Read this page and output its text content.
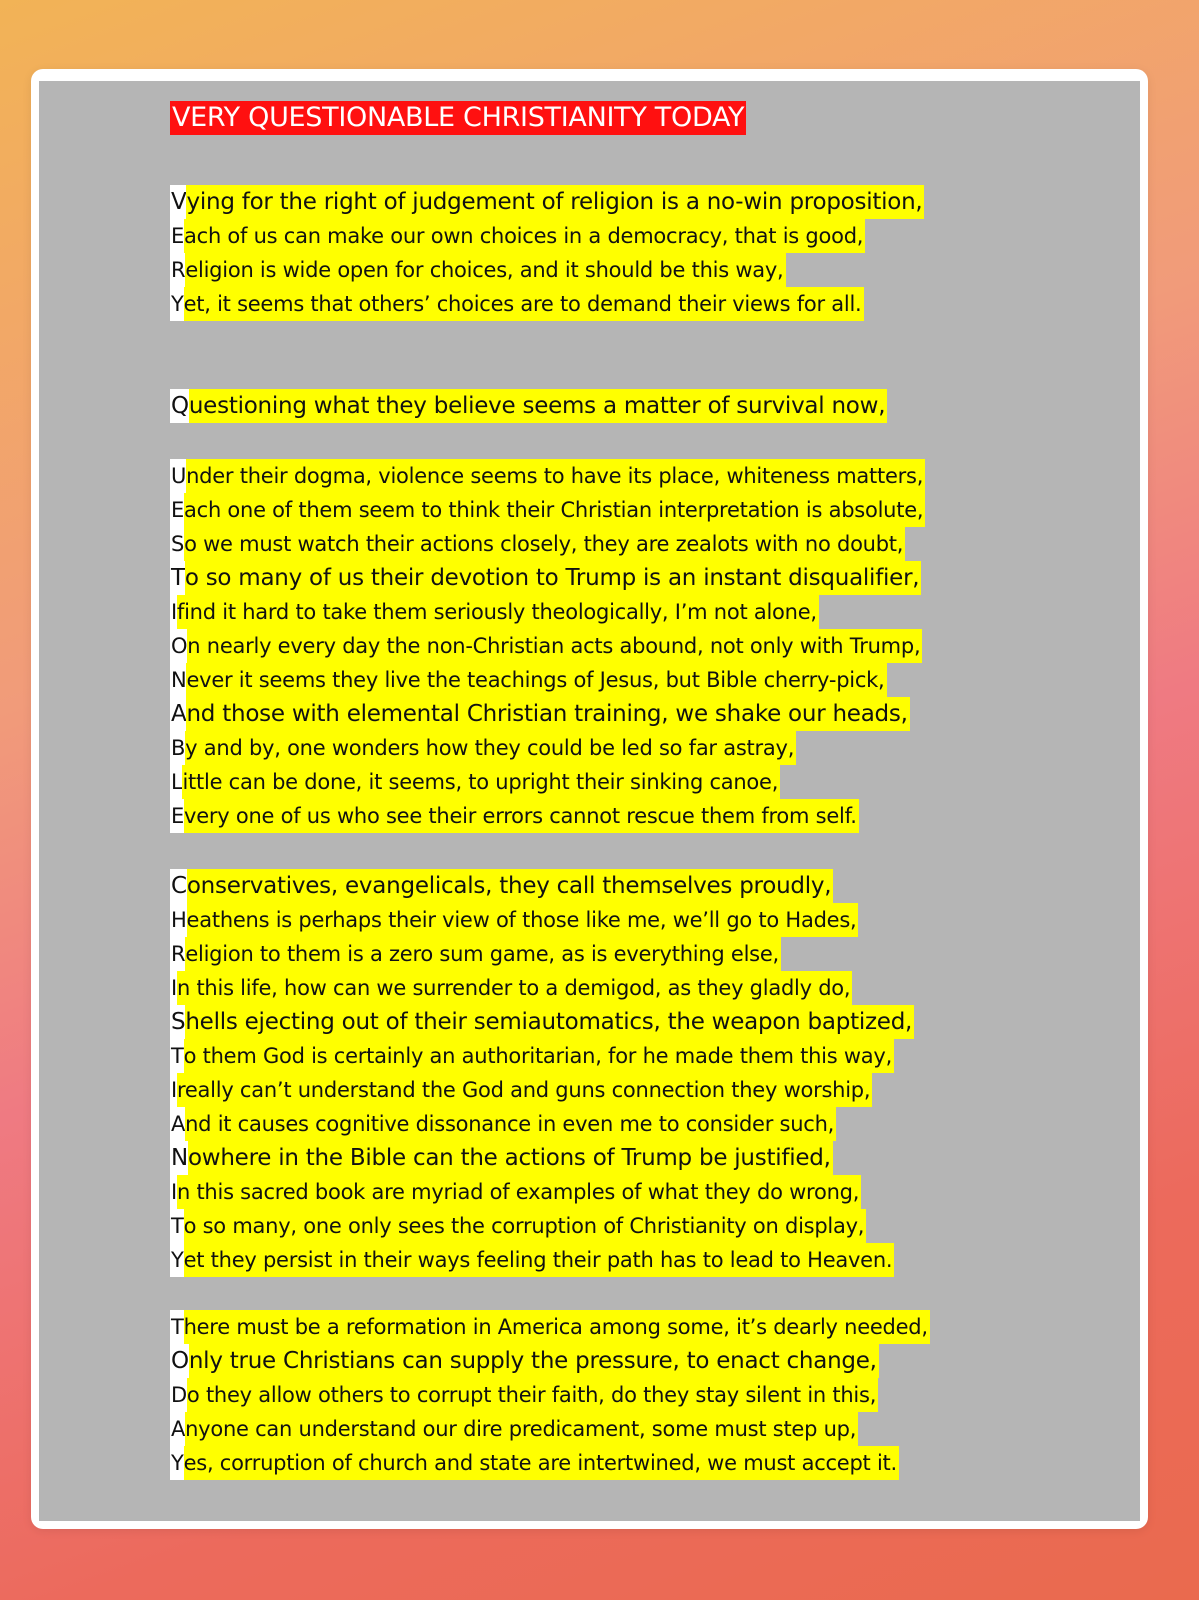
VERY QUESTIONABLE CHRISTIANITY TODAY
Vying for the right of judgement of religion is a no-win proposition,
Each of us can make our own choices in a democracy, that is good,
Religion is wide open for choices, and it should be this way,
Yet, it seems that others’ choices are to demand their views for all.
Questioning what they believe seems a matter of survival now,
Under their dogma, violence seems to have its place, whiteness matters,
Each one of them seem to think their Christian interpretation is absolute,
So we must watch their actions closely, they are zealots with no doubt,
To so many of us their devotion to Trump is an instant disqualifier,
Ifind it hard to take them seriously theologically, I’m not alone,
On nearly every day the non-Christian acts abound, not only with Trump,
Never it seems they live the teachings of Jesus, but Bible cherry-pick,
And those with elemental Christian training, we shake our heads,
By and by, one wonders how they could be led so far astray,
Little can be done, it seems, to upright their sinking canoe,
Every one of us who see their errors cannot rescue them from self.
Conservatives, evangelicals, they call themselves proudly,
Heathens is perhaps their view of those like me, we’ll go to Hades,
Religion to them is a zero sum game, as is everything else,
In this life, how can we surrender to a demigod, as they gladly do,
Shells ejecting out of their semiautomatics, the weapon baptized,
To them God is certainly an authoritarian, for he made them this way,
Ireally can’t understand the God and guns connection they worship,
And it causes cognitive dissonance in even me to consider such,
Nowhere in the Bible can the actions of Trump be justified,
In this sacred book are myriad of examples of what they do wrong,
To so many, one only sees the corruption of Christianity on display,
Yet they persist in their ways feeling their path has to lead to Heaven.
There must be a reformation in America among some, it’s dearly needed,
Only true Christians can supply the pressure, to enact change,
Do they allow others to corrupt their faith, do they stay silent in this,
Anyone can understand our dire predicament, some must step up,
Yes, corruption of church and state are intertwined, we must accept it.
